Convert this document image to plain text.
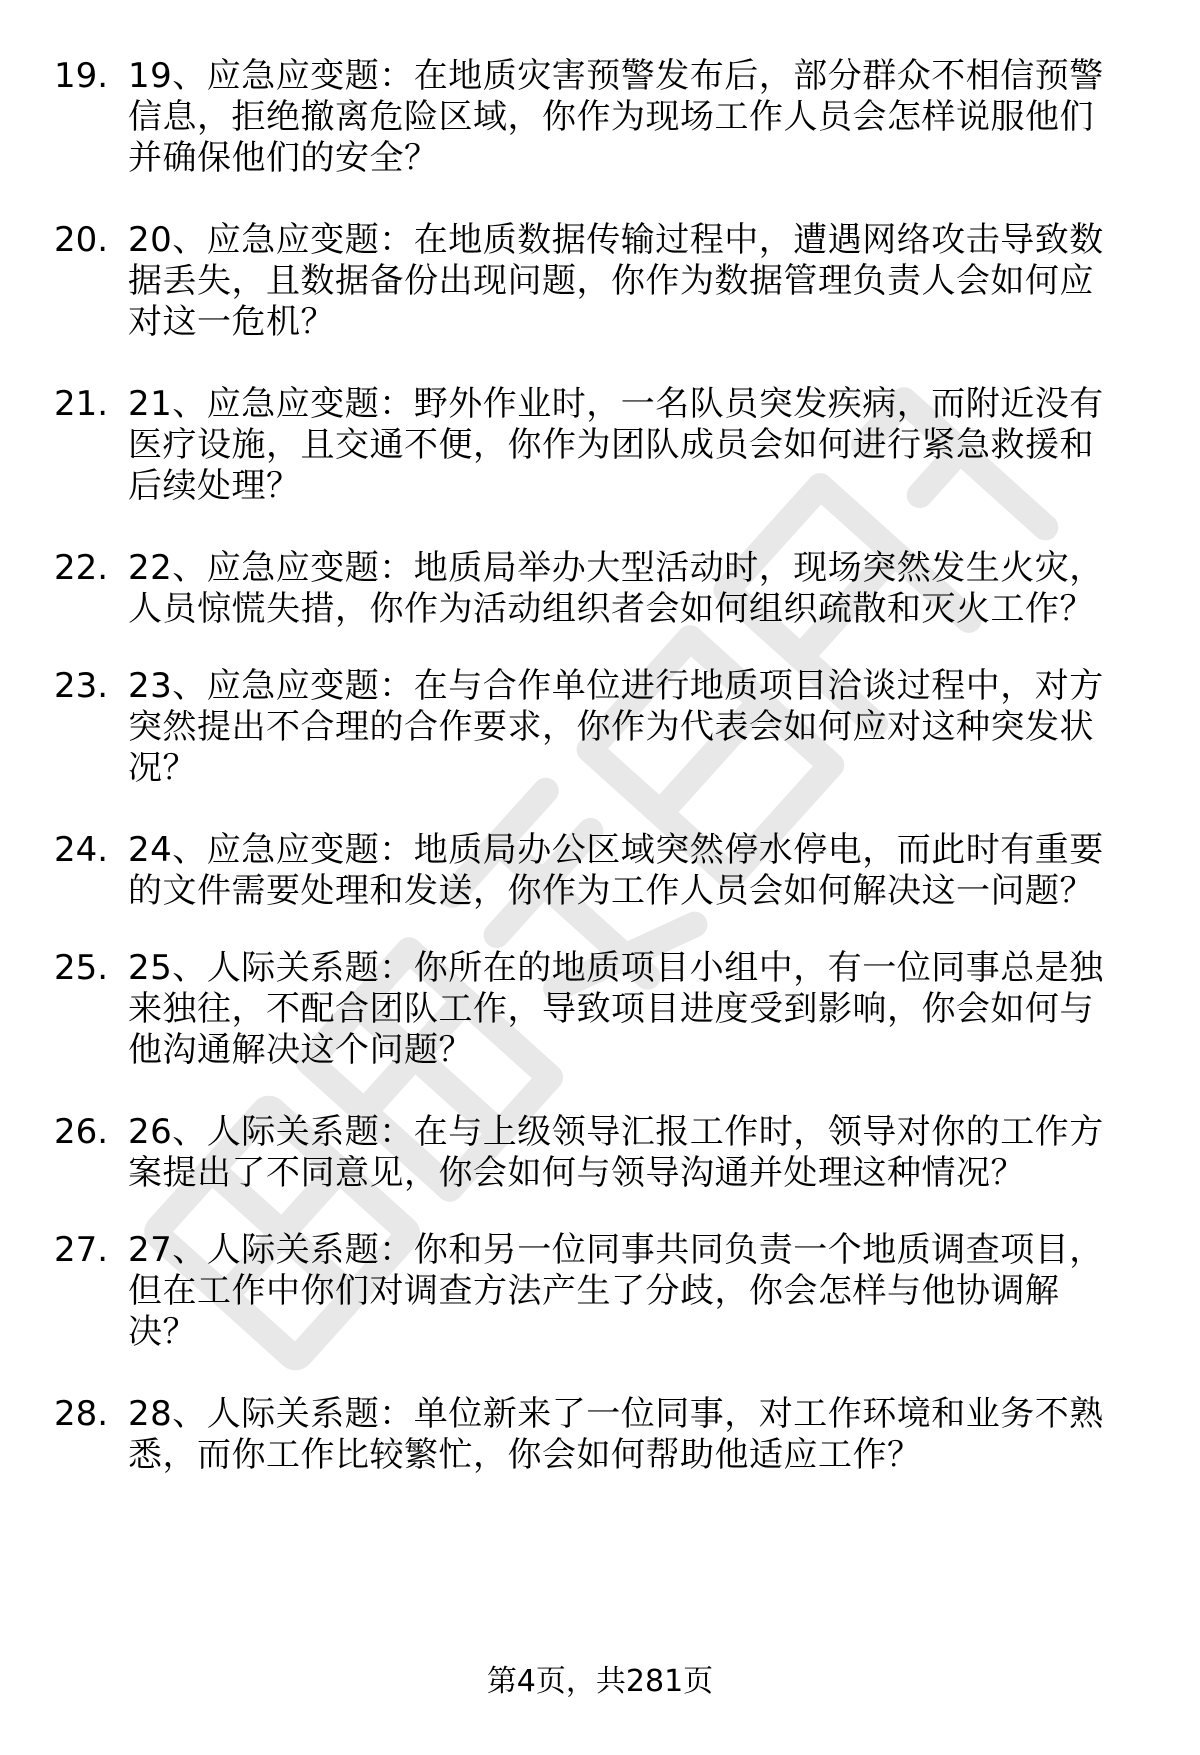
19. 19、应急应变题：在地质灾害预警发布后，部分群众不相信预警
信息，拒绝撤离危险区域，你作为现场工作人员会怎样说服他们
并确保他们的安全？
20. 20、应急应变题：在地质数据传输过程中，遭遇网络攻击导致数
据丢失，且数据备份出现问题，你作为数据管理负责人会如何应
对这一危机？
21. 21、应急应变题：野外作业时，一名队员突发疾病，而附近没有
医疗设施，且交通不便，你作为团队成员会如何进行紧急救援和
后续处理？
22. 22、应急应变题：地质局举办大型活动时，现场突然发生火灾，
人员惊慌失措，你作为活动组织者会如何组织疏散和灭火工作？
23. 23、应急应变题：在与合作单位进行地质项目洽谈过程中，对方
突然提出不合理的合作要求，你作为代表会如何应对这种突发状
况？
24. 24、应急应变题：地质局办公区域突然停水停电，而此时有重要
的文件需要处理和发送，你作为工作人员会如何解决这一问题？
25. 25、人际关系题：你所在的地质项目小组中，有一位同事总是独
来独往，不配合团队工作，导致项目进度受到影响，你会如何与
他沟通解决这个问题？
26. 26、人际关系题：在与上级领导汇报工作时，领导对你的工作方
案提出了不同意见，你会如何与领导沟通并处理这种情况？
27. 27、人际关系题：你和另一位同事共同负责一个地质调查项目，
但在工作中你们对调查方法产生了分歧，你会怎样与他协调解
决？
28. 28、人际关系题：单位新来了一位同事，对工作环境和业务不熟
悉，而你工作比较繁忙，你会如何帮助他适应工作？
第4页，共281页
